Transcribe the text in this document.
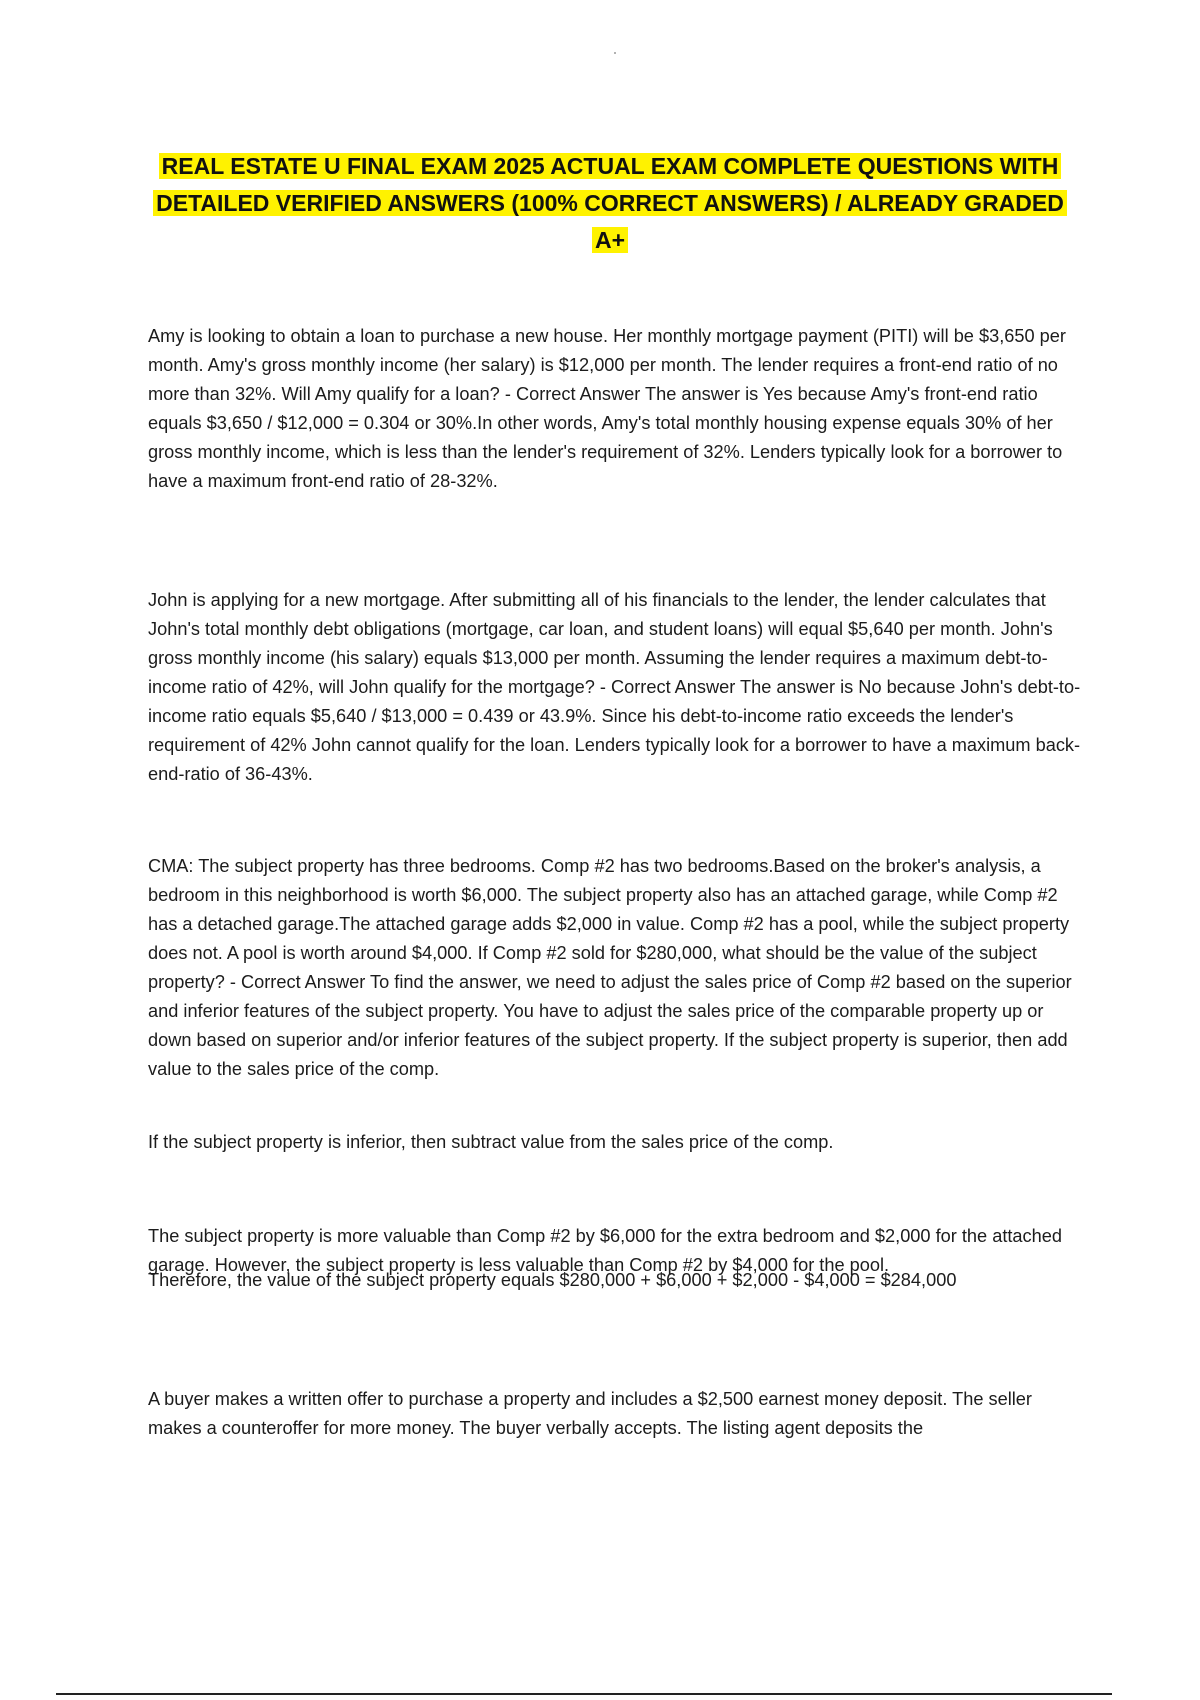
REAL ESTATE U FINAL EXAM 2025 ACTUAL EXAM COMPLETE QUESTIONS WITH DETAILED VERIFIED ANSWERS (100% CORRECT ANSWERS) / ALREADY GRADED A+

Amy is looking to obtain a loan to purchase a new house. Her monthly mortgage payment (PITI) will be $3,650 per month. Amy's gross monthly income (her salary) is $12,000 per month. The lender requires a front-end ratio of no more than 32%. Will Amy qualify for a loan? - Correct Answer The answer is Yes because Amy's front-end ratio equals $3,650 / $12,000 = 0.304 or 30%.In other words, Amy's total monthly housing expense equals 30% of her gross monthly income, which is less than the lender's requirement of 32%. Lenders typically look for a borrower to have a maximum front-end ratio of 28-32%.

John is applying for a new mortgage. After submitting all of his financials to the lender, the lender calculates that John's total monthly debt obligations (mortgage, car loan, and student loans) will equal $5,640 per month. John's gross monthly income (his salary) equals $13,000 per month. Assuming the lender requires a maximum debt-to-income ratio of 42%, will John qualify for the mortgage? - Correct Answer The answer is No because John's debt-to-income ratio equals $5,640 / $13,000 = 0.439 or 43.9%. Since his debt-to-income ratio exceeds the lender's requirement of 42% John cannot qualify for the loan. Lenders typically look for a borrower to have a maximum back-end-ratio of 36-43%.

CMA: The subject property has three bedrooms. Comp #2 has two bedrooms.Based on the broker's analysis, a bedroom in this neighborhood is worth $6,000. The subject property also has an attached garage, while Comp #2 has a detached garage.The attached garage adds $2,000 in value. Comp #2 has a pool, while the subject property does not. A pool is worth around $4,000. If Comp #2 sold for $280,000, what should be the value of the subject property? - Correct Answer To find the answer, we need to adjust the sales price of Comp #2 based on the superior and inferior features of the subject property. You have to adjust the sales price of the comparable property up or down based on superior and/or inferior features of the subject property. If the subject property is superior, then add value to the sales price of the comp.

If the subject property is inferior, then subtract value from the sales price of the comp.

The subject property is more valuable than Comp #2 by $6,000 for the extra bedroom and $2,000 for the attached garage. However, the subject property is less valuable than Comp #2 by $4,000 for the pool.

Therefore, the value of the subject property equals $280,000 + $6,000 + $2,000 - $4,000 = $284,000

A buyer makes a written offer to purchase a property and includes a $2,500 earnest money deposit. The seller makes a counteroffer for more money. The buyer verbally accepts. The listing agent deposits the
